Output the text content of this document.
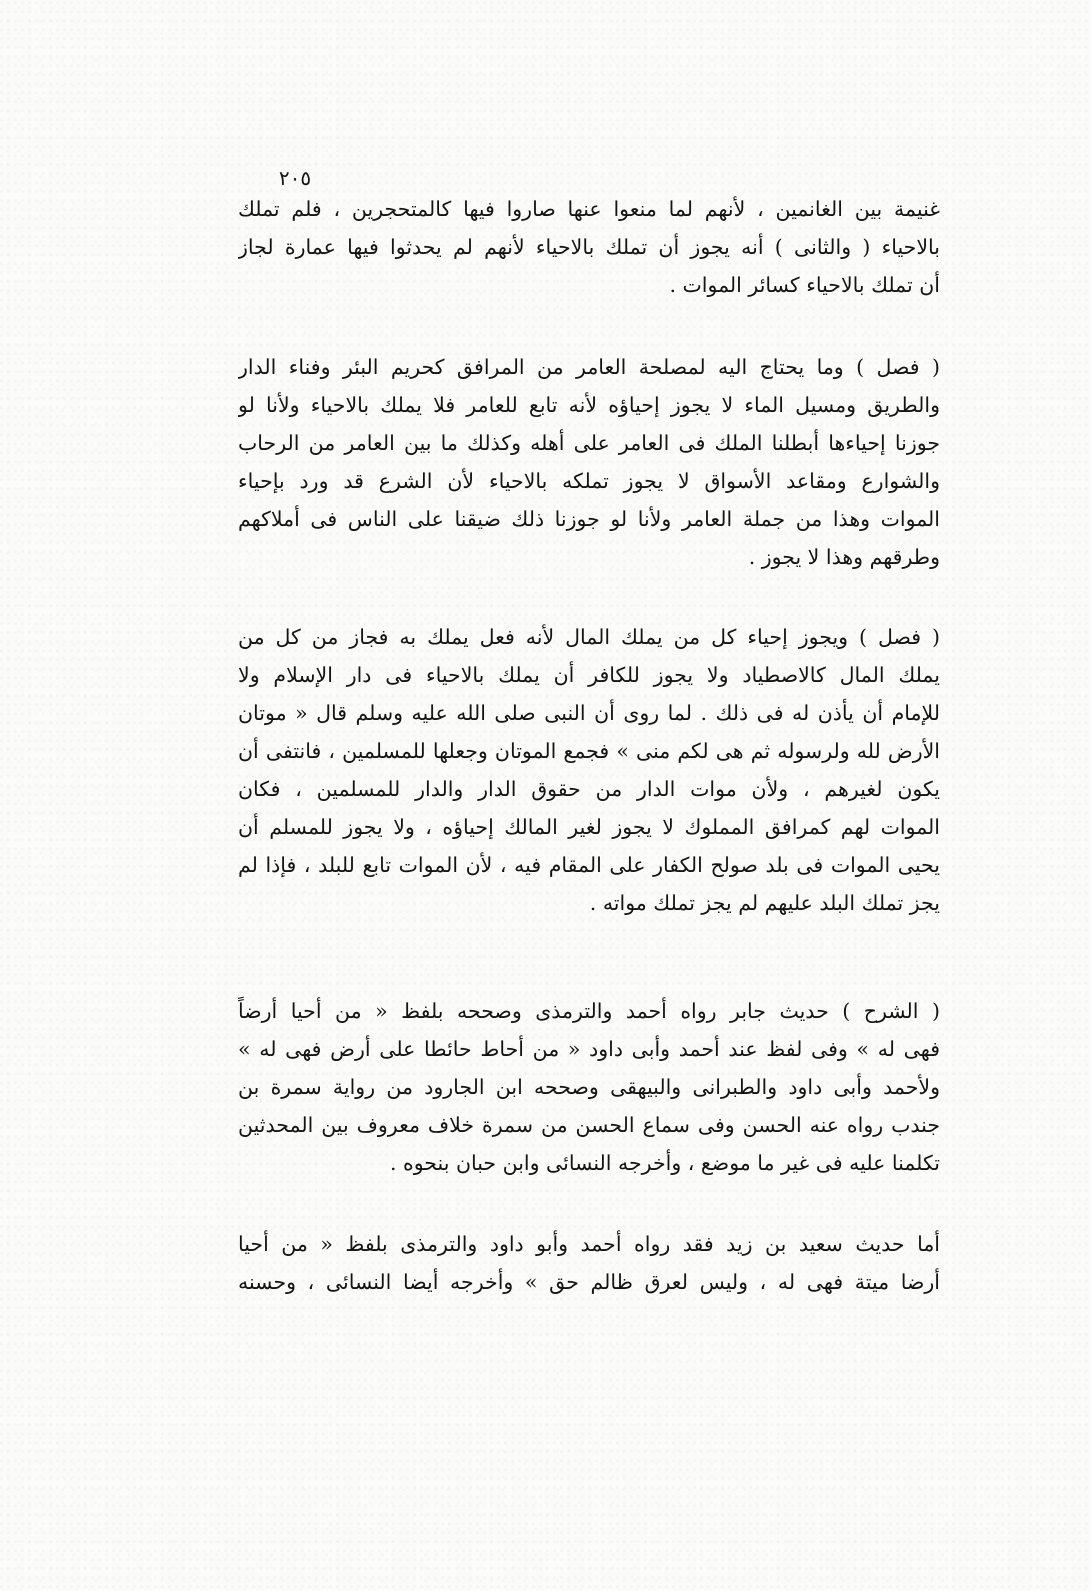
٢٠٥
غنيمة بين الغانمين ، لأنهم لما منعوا عنها صاروا فيها كالمتحجرين ، فلم تملك
بالاحياء ( والثانى ) أنه يجوز أن تملك بالاحياء لأنهم لم يحدثوا فيها عمارة لجاز
أن تملك بالاحياء كسائر الموات .
( فصل ) وما يحتاج اليه لمصلحة العامر من المرافق كحريم البئر وفناء الدار
والطريق ومسيل الماء لا يجوز إحياؤه لأنه تابع للعامر فلا يملك بالاحياء ولأنا لو
جوزنا إحياءها أبطلنا الملك فى العامر على أهله وكذلك ما بين العامر من الرحاب
والشوارع ومقاعد الأسواق لا يجوز تملكه بالاحياء لأن الشرع قد ورد بإحياء
الموات وهذا من جملة العامر ولأنا لو جوزنا ذلك ضيقنا على الناس فى أملاكهم
وطرقهم وهذا لا يجوز .
( فصل ) ويجوز إحياء كل من يملك المال لأنه فعل يملك به فجاز من كل من
يملك المال كالاصطياد ولا يجوز للكافر أن يملك بالاحياء فى دار الإسلام ولا
للإمام أن يأذن له فى ذلك . لما روى أن النبى صلى الله عليه وسلم قال « موتان
الأرض لله ولرسوله ثم هى لكم منى » فجمع الموتان وجعلها للمسلمين ، فانتفى أن
يكون لغيرهم ، ولأن موات الدار من حقوق الدار والدار للمسلمين ، فكان
الموات لهم كمرافق المملوك لا يجوز لغير المالك إحياؤه ، ولا يجوز للمسلم أن
يحيى الموات فى بلد صولح الكفار على المقام فيه ، لأن الموات تابع للبلد ، فإذا لم
يجز تملك البلد عليهم لم يجز تملك مواته .
( الشرح ) حديث جابر رواه أحمد والترمذى وصححه بلفظ « من أحيا أرضاً
فهى له » وفى لفظ عند أحمد وأبى داود « من أحاط حائطا على أرض فهى له »
ولأحمد وأبى داود والطبرانى والبيهقى وصححه ابن الجارود من رواية سمرة بن
جندب رواه عنه الحسن وفى سماع الحسن من سمرة خلاف معروف بين المحدثين
تكلمنا عليه فى غير ما موضع ، وأخرجه النسائى وابن حبان بنحوه .
أما حديث سعيد بن زيد فقد رواه أحمد وأبو داود والترمذى بلفظ « من أحيا
أرضا ميتة فهى له ، وليس لعرق ظالم حق » وأخرجه أيضا النسائى ، وحسنه
